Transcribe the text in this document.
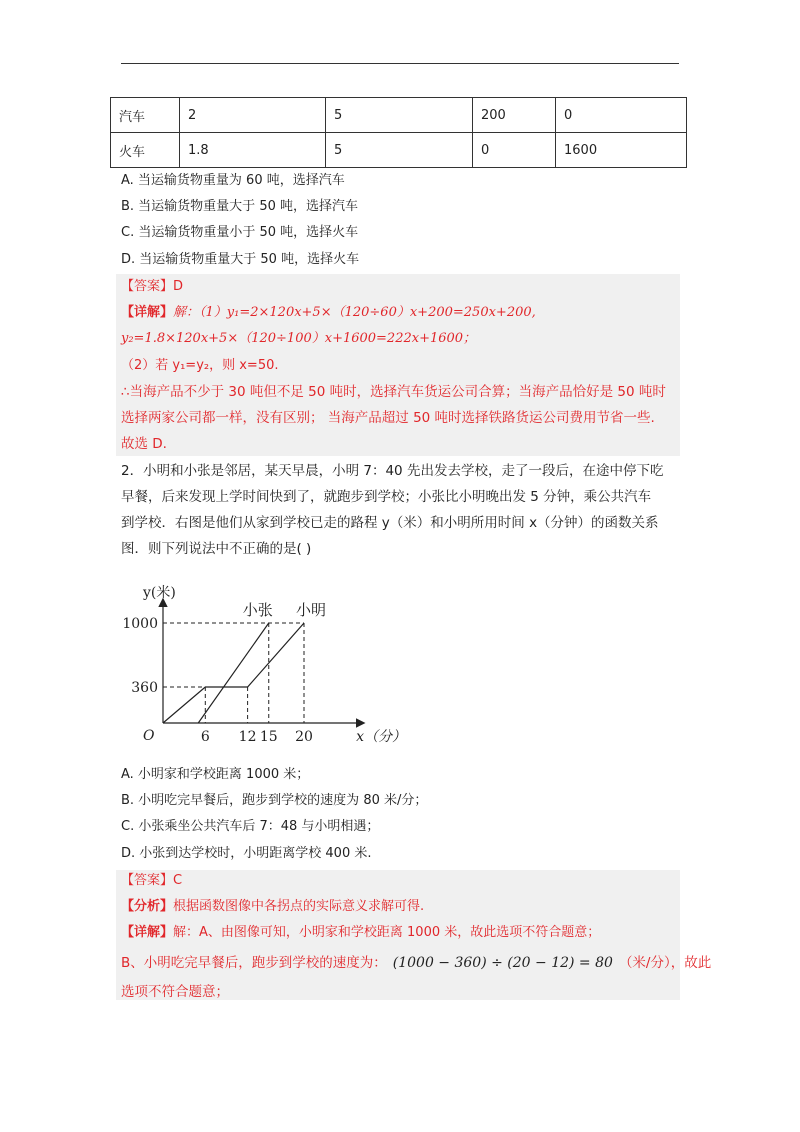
汽车	2	5	200	0
火车	1.8	5	0	1600
A. 当运输货物重量为 60 吨，选择汽车
B. 当运输货物重量大于 50 吨，选择汽车
C. 当运输货物重量小于 50 吨，选择火车
D. 当运输货物重量大于 50 吨，选择火车
【答案】D
【详解】解：（1）y₁=2×120x+5×（120÷60）x+200=250x+200,
y₂=1.8×120x+5×（120÷100）x+1600=222x+1600；
（2）若 y₁=y₂，则 x=50.
∴当海产品不少于 30 吨但不足 50 吨时，选择汽车货运公司合算；当海产品恰好是 50 吨时
选择两家公司都一样，没有区别； 当海产品超过 50 吨时选择铁路货运公司费用节省一些.
故选 D.
2．小明和小张是邻居，某天早晨，小明 7：40 先出发去学校，走了一段后，在途中停下吃
早餐，后来发现上学时间快到了，就跑步到学校；小张比小明晚出发 5 分钟，乘公共汽车
到学校．右图是他们从家到学校已走的路程 y（米）和小明所用时间 x（分钟）的函数关系
图．则下列说法中不正确的是( )
O
y(米)
x（分）
小张 小明
6 12 15 20
360
1000
A. 小明家和学校距离 1000 米；
B. 小明吃完早餐后，跑步到学校的速度为 80 米/分；
C. 小张乘坐公共汽车后 7：48 与小明相遇；
D. 小张到达学校时，小明距离学校 400 米.
【答案】C
【分析】根据函数图像中各拐点的实际意义求解可得.
【详解】解：A、由图像可知，小明家和学校距离 1000 米，故此选项不符合题意；
B、小明吃完早餐后，跑步到学校的速度为： (1000 − 360) ÷ (20 − 12) = 80 （米/分），故此
选项不符合题意；
